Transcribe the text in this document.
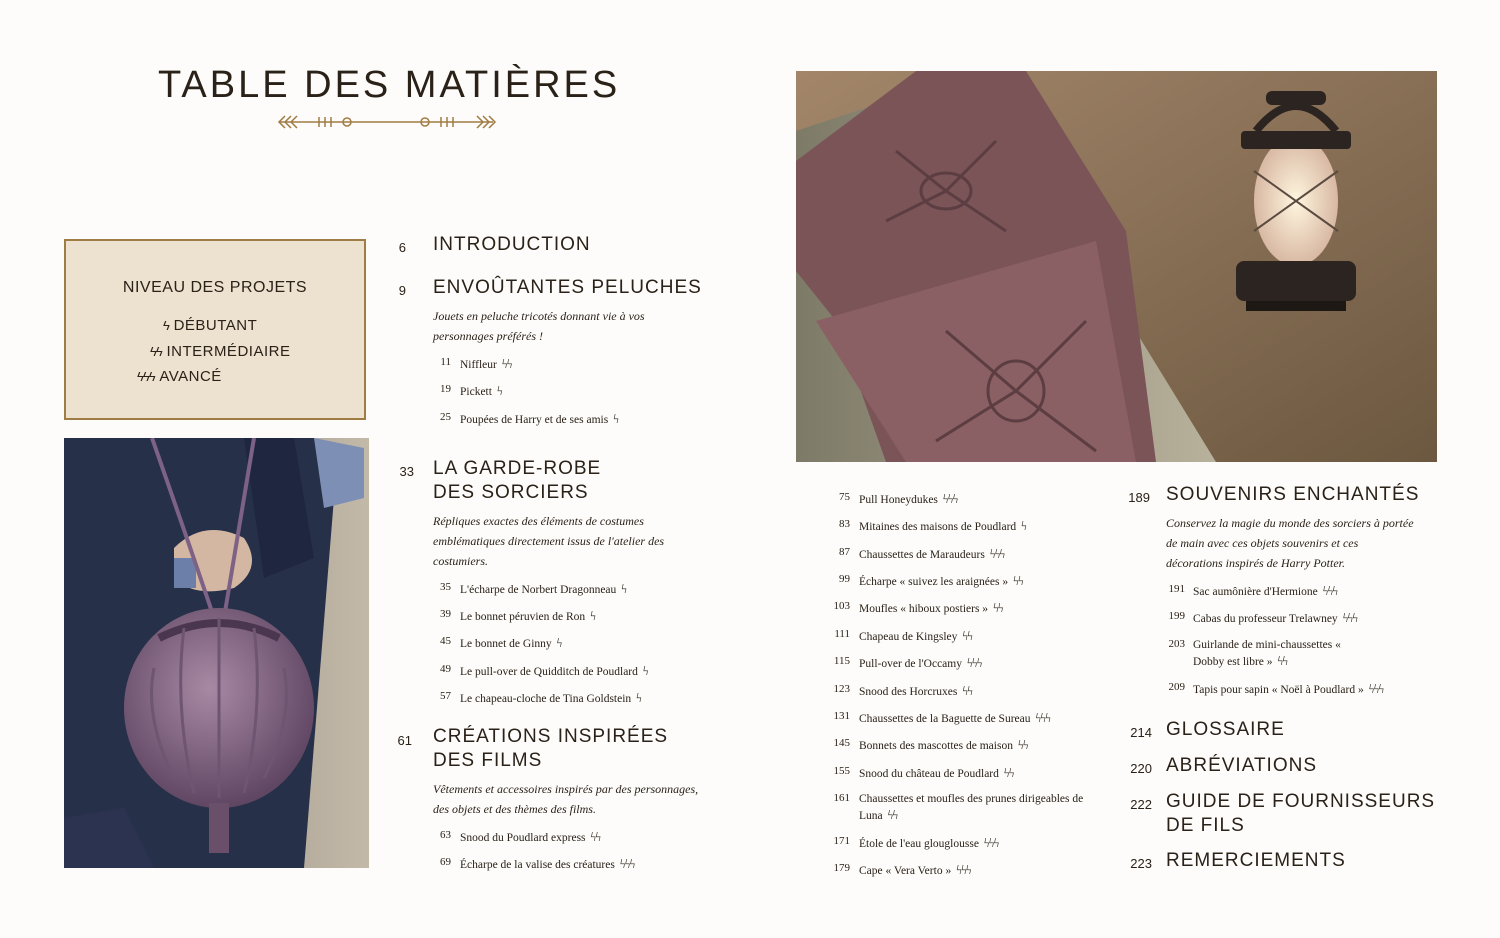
TABLE DES MATIÈRES
NIVEAU DES PROJETS
ϟ DÉBUTANT
ϟϟ INTERMÉDIAIRE
ϟϟϟ AVANCÉ
6 INTRODUCTION
9 ENVOÛTANTES PELUCHES
Jouets en peluche tricotés donnant vie à vos personnages préférés !
11 Niffleur ϟϟ
19 Pickett ϟ
25 Poupées de Harry et de ses amis ϟ
33 LA GARDE-ROBE
DES SORCIERS
Répliques exactes des éléments de costumes emblématiques directement issus de l'atelier des costumiers.
35 L'écharpe de Norbert Dragonneau ϟ
39 Le bonnet péruvien de Ron ϟ
45 Le bonnet de Ginny ϟ
49 Le pull-over de Quidditch de Poudlard ϟ
57 Le chapeau-cloche de Tina Goldstein ϟ
61 CRÉATIONS INSPIRÉES
DES FILMS
Vêtements et accessoires inspirés par des personnages, des objets et des thèmes des films.
63 Snood du Poudlard express ϟϟ
69 Écharpe de la valise des créatures ϟϟϟ
75 Pull Honeydukes ϟϟϟ
83 Mitaines des maisons de Poudlard ϟ
87 Chaussettes de Maraudeurs ϟϟϟ
99 Écharpe « suivez les araignées » ϟϟ
103 Moufles « hiboux postiers » ϟϟ
111 Chapeau de Kingsley ϟϟ
115 Pull-over de l'Occamy ϟϟϟ
123 Snood des Horcruxes ϟϟ
131 Chaussettes de la Baguette de Sureau ϟϟϟ
145 Bonnets des mascottes de maison ϟϟ
155 Snood du château de Poudlard ϟϟ
161 Chaussettes et moufles des prunes dirigeables de Luna ϟϟ
171 Étole de l'eau glouglousse ϟϟϟ
179 Cape « Vera Verto » ϟϟϟ
189 SOUVENIRS ENCHANTÉS
Conservez la magie du monde des sorciers à portée de main avec ces objets souvenirs et ces décorations inspirés de Harry Potter.
191 Sac aumônière d'Hermione ϟϟϟ
199 Cabas du professeur Trelawney ϟϟϟ
203 Guirlande de mini-chaussettes « Dobby est libre » ϟϟ
209 Tapis pour sapin « Noël à Poudlard » ϟϟϟ
214 GLOSSAIRE
220 ABRÉVIATIONS
222 GUIDE DE FOURNISSEURS
DE FILS
223 REMERCIEMENTS
